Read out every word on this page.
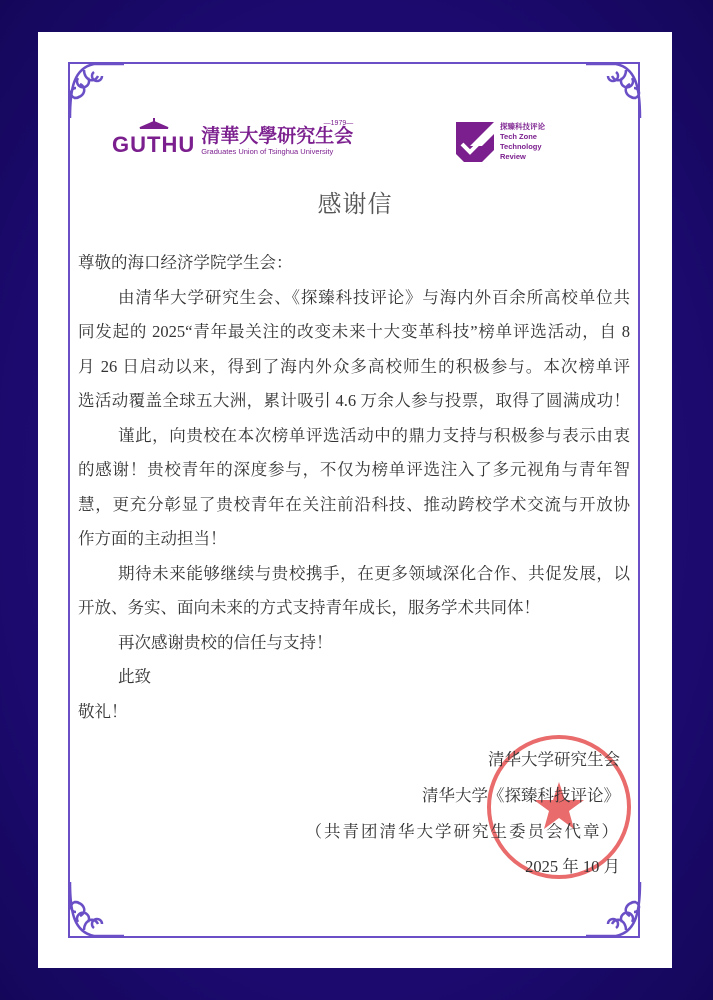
GUTHU
—1979—
清華大學研究生会
Graduates Union of Tsinghua University
探臻科技评论
Tech Zone
Technology
Review
感谢信
尊敬的海口经济学院学生会：
由清华大学研究生会、《探臻科技评论》与海内外百余所高校单位共
同发起的 2025“青年最关注的改变未来十大变革科技”榜单评选活动，自 8
月 26 日启动以来，得到了海内外众多高校师生的积极参与。本次榜单评
选活动覆盖全球五大洲，累计吸引 4.6 万余人参与投票，取得了圆满成功！
谨此，向贵校在本次榜单评选活动中的鼎力支持与积极参与表示由衷
的感谢！贵校青年的深度参与，不仅为榜单评选注入了多元视角与青年智
慧，更充分彰显了贵校青年在关注前沿科技、推动跨校学术交流与开放协
作方面的主动担当！
期待未来能够继续与贵校携手，在更多领域深化合作、共促发展，以
开放、务实、面向未来的方式支持青年成长，服务学术共同体！
再次感谢贵校的信任与支持！
此致
敬礼！
清华大学研究生会
清华大学《探臻科技评论》
（共青团清华大学研究生委员会代章）
2025 年 10 月
